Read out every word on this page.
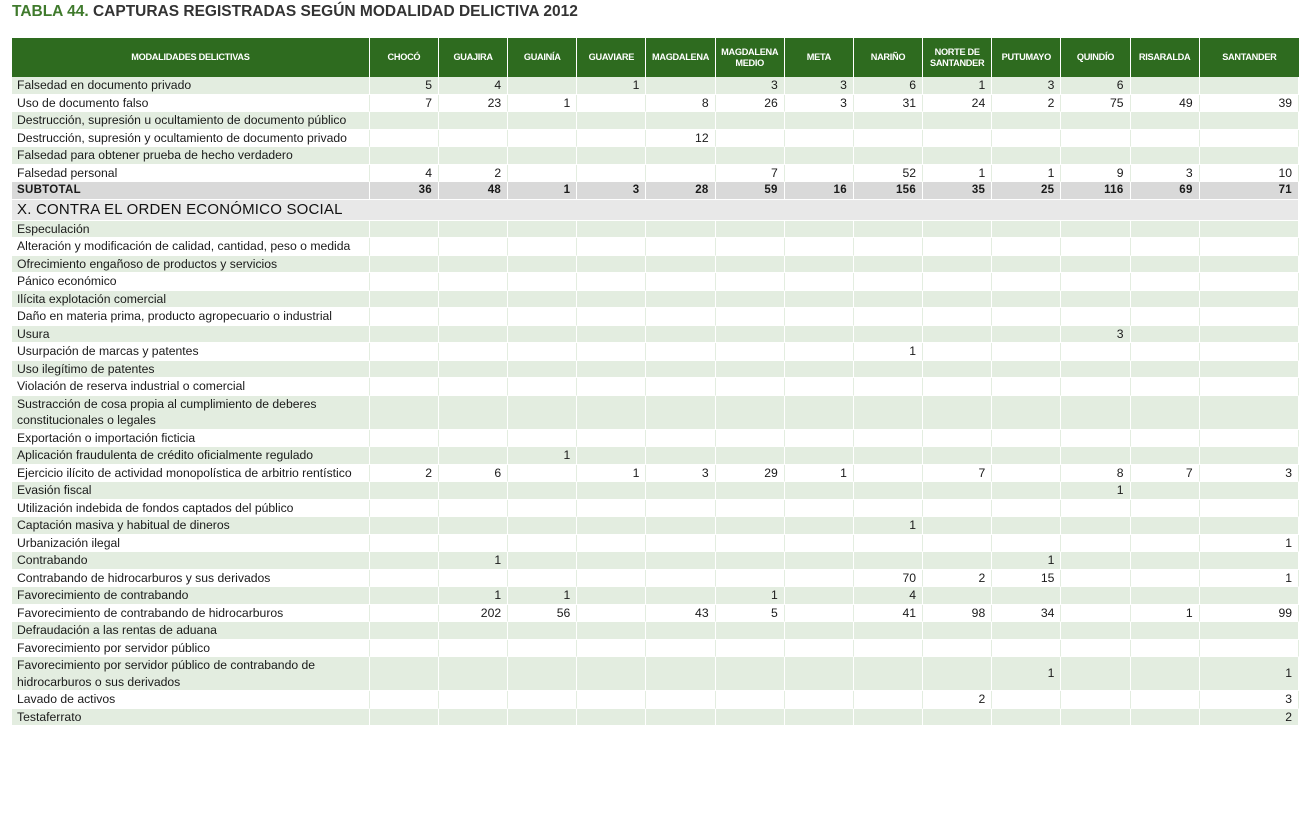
TABLA 44. CAPTURAS REGISTRADAS SEGÚN MODALIDAD DELICTIVA 2012
MODALIDADES DELICTIVAS	CHOCÓ	GUAJIRA	GUAINÍA	GUAVIARE	MAGDALENA	MAGDALENA MEDIO	META	NARIÑO	NORTE DE SANTANDER	PUTUMAYO	QUINDÍO	RISARALDA	SANTANDER
Falsedad en documento privado	5	4		1		3	3	6	1	3	6		
Uso de documento falso	7	23	1		8	26	3	31	24	2	75	49	39
Destrucción, supresión u ocultamiento de documento público													
Destrucción, supresión y ocultamiento de documento privado					12								
Falsedad para obtener prueba de hecho verdadero													
Falsedad personal	4	2				7		52	1	1	9	3	10
SUBTOTAL	36	48	1	3	28	59	16	156	35	25	116	69	71
X. CONTRA EL ORDEN ECONÓMICO SOCIAL													
Especulación													
Alteración y modificación de calidad, cantidad, peso o medida													
Ofrecimiento engañoso de productos y servicios													
Pánico económico													
Ilícita explotación comercial													
Daño en materia prima, producto agropecuario o industrial													
Usura											3		
Usurpación de marcas y patentes								1					
Uso ilegítimo de patentes													
Violación de reserva industrial o comercial													
Sustracción de cosa propia al cumplimiento de deberes constitucionales o legales													
Exportación o importación ficticia													
Aplicación fraudulenta de crédito oficialmente regulado			1										
Ejercicio ilícito de actividad monopolística de arbitrio rentístico	2	6		1	3	29	1		7		8	7	3
Evasión fiscal											1		
Utilización indebida de fondos captados del público													
Captación masiva y habitual de dineros								1					
Urbanización ilegal													1
Contrabando		1								1			
Contrabando de hidrocarburos y sus derivados								70	2	15			1
Favorecimiento de contrabando		1	1			1		4					
Favorecimiento de contrabando de hidrocarburos		202	56		43	5		41	98	34		1	99
Defraudación a las rentas de aduana													
Favorecimiento por servidor público													
Favorecimiento por servidor público de contrabando de hidrocarburos o sus derivados										1			1
Lavado de activos									2				3
Testaferrato													2
